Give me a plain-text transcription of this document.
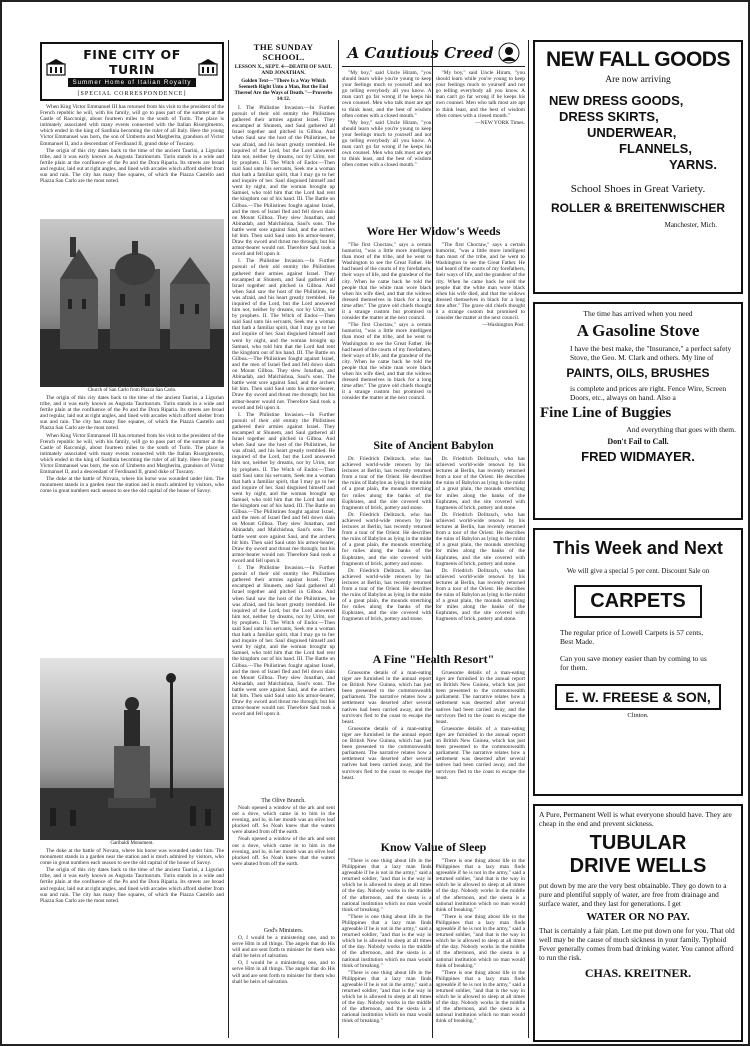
FINE CITY OF TURIN
Summer Home of Italian Royalty
[SPECIAL CORRESPONDENCE]

When King Victor Emmanuel III has returned from his visit to the president of the French republic he will, with his family, will go to pass part of the summer at the Castle of Racconigi, about fourteen miles to the south of Turin. The place is intimately associated with many events connected with the Italian Risorgimento, which ended in the king of Sardinia becoming the ruler of all Italy. Here the young Victor Emmanuel was born, the son of Umberto and Margherita, grandson of Victor Emmanuel II, and a descendant of Ferdinand II, grand duke of Tuscany.

The origin of this city dates back to the time of the ancient Taurini, a Ligurian tribe, and it was early known as Augusta Taurinorum. Turin stands in a wide and fertile plain at the confluence of the Po and the Dora Riparia. Its streets are broad and regular, laid out at right angles, and lined with arcades which afford shelter from sun and rain. The city has many fine squares, of which the Piazza Castello and Piazza San Carlo are the most noted.

Church of San Carlo from Piazza San Carlo.

The origin of this city dates back to the time of the ancient Taurini, a Ligurian tribe, and it was early known as Augusta Taurinorum. Turin stands in a wide and fertile plain at the confluence of the Po and the Dora Riparia. Its streets are broad and regular, laid out at right angles, and lined with arcades which afford shelter from sun and rain. The city has many fine squares, of which the Piazza Castello and Piazza San Carlo are the most noted.

When King Victor Emmanuel III has returned from his visit to the president of the French republic he will, with his family, will go to pass part of the summer at the Castle of Racconigi, about fourteen miles to the south of Turin. The place is intimately associated with many events connected with the Italian Risorgimento, which ended in the king of Sardinia becoming the ruler of all Italy. Here the young Victor Emmanuel was born, the son of Umberto and Margherita, grandson of Victor Emmanuel II, and a descendant of Ferdinand II, grand duke of Tuscany.

The duke at the battle of Novara, where his horse was wounded under him. The monument stands in a garden near the station and is much admired by visitors, who come in great numbers each season to see the old capital of the house of Savoy.

Garibaldi Monument.

The duke at the battle of Novara, where his horse was wounded under him. The monument stands in a garden near the station and is much admired by visitors, who come in great numbers each season to see the old capital of the house of Savoy.

The origin of this city dates back to the time of the ancient Taurini, a Ligurian tribe, and it was early known as Augusta Taurinorum. Turin stands in a wide and fertile plain at the confluence of the Po and the Dora Riparia. Its streets are broad and regular, laid out at right angles, and lined with arcades which afford shelter from sun and rain. The city has many fine squares, of which the Piazza Castello and Piazza San Carlo are the most noted.

THE SUNDAY SCHOOL.
LESSON X., SEPT. 4—DEATH OF SAUL AND JONATHAN.
Golden Text—"There Is a Way Which Seemeth Right Unto a Man, But the End Thereof Are the Ways of Death."—Proverbs 14:12.

I. The Philistine Invasion.—In Further pursuit of their old enmity the Philistines gathered their armies against Israel. They encamped at Shunem, and Saul gathered all Israel together and pitched in Gilboa. And when Saul saw the host of the Philistines, he was afraid, and his heart greatly trembled. He inquired of the Lord, but the Lord answered him not, neither by dreams, nor by Urim, nor by prophets. II. The Witch of Endor.—Then said Saul unto his servants, Seek me a woman that hath a familiar spirit, that I may go to her and inquire of her. Saul disguised himself and went by night, and the woman brought up Samuel, who told him that the Lord had rent the kingdom out of his hand. III. The Battle on Gilboa.—The Philistines fought against Israel, and the men of Israel fled and fell down slain on Mount Gilboa. They slew Jonathan, and Abinadab, and Malchishua, Saul's sons. The battle went sore against Saul, and the archers hit him. Then said Saul unto his armor-bearer, Draw thy sword and thrust me through; but his armor-bearer would not. Therefore Saul took a sword and fell upon it.

I. The Philistine Invasion.—In Further pursuit of their old enmity the Philistines gathered their armies against Israel. They encamped at Shunem, and Saul gathered all Israel together and pitched in Gilboa. And when Saul saw the host of the Philistines, he was afraid, and his heart greatly trembled. He inquired of the Lord, but the Lord answered him not, neither by dreams, nor by Urim, nor by prophets. II. The Witch of Endor.—Then said Saul unto his servants, Seek me a woman that hath a familiar spirit, that I may go to her and inquire of her. Saul disguised himself and went by night, and the woman brought up Samuel, who told him that the Lord had rent the kingdom out of his hand. III. The Battle on Gilboa.—The Philistines fought against Israel, and the men of Israel fled and fell down slain on Mount Gilboa. They slew Jonathan, and Abinadab, and Malchishua, Saul's sons. The battle went sore against Saul, and the archers hit him. Then said Saul unto his armor-bearer, Draw thy sword and thrust me through; but his armor-bearer would not. Therefore Saul took a sword and fell upon it.

I. The Philistine Invasion.—In Further pursuit of their old enmity the Philistines gathered their armies against Israel. They encamped at Shunem, and Saul gathered all Israel together and pitched in Gilboa. And when Saul saw the host of the Philistines, he was afraid, and his heart greatly trembled. He inquired of the Lord, but the Lord answered him not, neither by dreams, nor by Urim, nor by prophets. II. The Witch of Endor.—Then said Saul unto his servants, Seek me a woman that hath a familiar spirit, that I may go to her and inquire of her. Saul disguised himself and went by night, and the woman brought up Samuel, who told him that the Lord had rent the kingdom out of his hand. III. The Battle on Gilboa.—The Philistines fought against Israel, and the men of Israel fled and fell down slain on Mount Gilboa. They slew Jonathan, and Abinadab, and Malchishua, Saul's sons. The battle went sore against Saul, and the archers hit him. Then said Saul unto his armor-bearer, Draw thy sword and thrust me through; but his armor-bearer would not. Therefore Saul took a sword and fell upon it.

I. The Philistine Invasion.—In Further pursuit of their old enmity the Philistines gathered their armies against Israel. They encamped at Shunem, and Saul gathered all Israel together and pitched in Gilboa. And when Saul saw the host of the Philistines, he was afraid, and his heart greatly trembled. He inquired of the Lord, but the Lord answered him not, neither by dreams, nor by Urim, nor by prophets. II. The Witch of Endor.—Then said Saul unto his servants, Seek me a woman that hath a familiar spirit, that I may go to her and inquire of her. Saul disguised himself and went by night, and the woman brought up Samuel, who told him that the Lord had rent the kingdom out of his hand. III. The Battle on Gilboa.—The Philistines fought against Israel, and the men of Israel fled and fell down slain on Mount Gilboa. They slew Jonathan, and Abinadab, and Malchishua, Saul's sons. The battle went sore against Saul, and the archers hit him. Then said Saul unto his armor-bearer, Draw thy sword and thrust me through; but his armor-bearer would not. Therefore Saul took a sword and fell upon it.

The Olive Branch.

Noah opened a window of the ark and sent out a dove, which came in to him in the evening, and lo, in her mouth was an olive leaf plucked off. So Noah knew that the waters were abated from off the earth.

Noah opened a window of the ark and sent out a dove, which came in to him in the evening, and lo, in her mouth was an olive leaf plucked off. So Noah knew that the waters were abated from off the earth.

God's Ministers.

O, I would be a ministering one, and to serve Him in all things. The angels that do His will and are sent forth to minister for them who shall be heirs of salvation.

O, I would be a ministering one, and to serve Him in all things. The angels that do His will and are sent forth to minister for them who shall be heirs of salvation.

A Cautious Creed

"My boy," said Uncle Hiram, "you should learn while you're young to keep your feelings much to yourself and not go telling everybody all you know. A man can't go far wrong if he keeps his own counsel. Men who talk most are apt to think least, and the best of wisdom often comes with a closed mouth."

"My boy," said Uncle Hiram, "you should learn while you're young to keep your feelings much to yourself and not go telling everybody all you know. A man can't go far wrong if he keeps his own counsel. Men who talk most are apt to think least, and the best of wisdom often comes with a closed mouth."

"My boy," said Uncle Hiram, "you should learn while you're young to keep your feelings much to yourself and not go telling everybody all you know. A man can't go far wrong if he keeps his own counsel. Men who talk most are apt to think least, and the best of wisdom often comes with a closed mouth."

—NEW YORK Times.
Wore Her Widow's Weeds

"The first Choctaw," says a certain humorist, "was a little more intelligent than most of the tribe, and he went to Washington to see the Great Father. He had heard of the courts of my forefathers, their ways of life, and the grandeur of the city. When he came back he told the people that the white man wore black when his wife died, and that the widows dressed themselves in black for a long time after." The grave old chiefs thought it a strange custom but promised to consider the matter at the next council.

"The first Choctaw," says a certain humorist, "was a little more intelligent than most of the tribe, and he went to Washington to see the Great Father. He had heard of the courts of my forefathers, their ways of life, and the grandeur of the city. When he came back he told the people that the white man wore black when his wife died, and that the widows dressed themselves in black for a long time after." The grave old chiefs thought it a strange custom but promised to consider the matter at the next council.

"The first Choctaw," says a certain humorist, "was a little more intelligent than most of the tribe, and he went to Washington to see the Great Father. He had heard of the courts of my forefathers, their ways of life, and the grandeur of the city. When he came back he told the people that the white man wore black when his wife died, and that the widows dressed themselves in black for a long time after." The grave old chiefs thought it a strange custom but promised to consider the matter at the next council.

—Washington Post.
Site of Ancient Babylon

Dr. Friedrich Delitzsch, who has achieved world-wide renown by his lectures at Berlin, has recently returned from a tour of the Orient. He describes the ruins of Babylon as lying in the midst of a great plain, the mounds stretching for miles along the banks of the Euphrates, and the site covered with fragments of brick, pottery and stone.

Dr. Friedrich Delitzsch, who has achieved world-wide renown by his lectures at Berlin, has recently returned from a tour of the Orient. He describes the ruins of Babylon as lying in the midst of a great plain, the mounds stretching for miles along the banks of the Euphrates, and the site covered with fragments of brick, pottery and stone.

Dr. Friedrich Delitzsch, who has achieved world-wide renown by his lectures at Berlin, has recently returned from a tour of the Orient. He describes the ruins of Babylon as lying in the midst of a great plain, the mounds stretching for miles along the banks of the Euphrates, and the site covered with fragments of brick, pottery and stone.

Dr. Friedrich Delitzsch, who has achieved world-wide renown by his lectures at Berlin, has recently returned from a tour of the Orient. He describes the ruins of Babylon as lying in the midst of a great plain, the mounds stretching for miles along the banks of the Euphrates, and the site covered with fragments of brick, pottery and stone.

Dr. Friedrich Delitzsch, who has achieved world-wide renown by his lectures at Berlin, has recently returned from a tour of the Orient. He describes the ruins of Babylon as lying in the midst of a great plain, the mounds stretching for miles along the banks of the Euphrates, and the site covered with fragments of brick, pottery and stone.

Dr. Friedrich Delitzsch, who has achieved world-wide renown by his lectures at Berlin, has recently returned from a tour of the Orient. He describes the ruins of Babylon as lying in the midst of a great plain, the mounds stretching for miles along the banks of the Euphrates, and the site covered with fragments of brick, pottery and stone.

A Fine "Health Resort"

Gruesome details of a man-eating tiger are furnished in the annual report on British New Guinea, which has just been presented to the commonwealth parliament. The narrative relates how a settlement was deserted after several natives had been carried away, and the survivors fled to the coast to escape the beast.

Gruesome details of a man-eating tiger are furnished in the annual report on British New Guinea, which has just been presented to the commonwealth parliament. The narrative relates how a settlement was deserted after several natives had been carried away, and the survivors fled to the coast to escape the beast.

Gruesome details of a man-eating tiger are furnished in the annual report on British New Guinea, which has just been presented to the commonwealth parliament. The narrative relates how a settlement was deserted after several natives had been carried away, and the survivors fled to the coast to escape the beast.

Gruesome details of a man-eating tiger are furnished in the annual report on British New Guinea, which has just been presented to the commonwealth parliament. The narrative relates how a settlement was deserted after several natives had been carried away, and the survivors fled to the coast to escape the beast.

Know Value of Sleep

"There is one thing about life in the Philippines that a lazy man finds agreeable if he is not in the army," said a returned soldier, "and that is the way in which he is allowed to sleep at all times of the day. Nobody works in the middle of the afternoon, and the siesta is a national institution which no man would think of breaking."

"There is one thing about life in the Philippines that a lazy man finds agreeable if he is not in the army," said a returned soldier, "and that is the way in which he is allowed to sleep at all times of the day. Nobody works in the middle of the afternoon, and the siesta is a national institution which no man would think of breaking."

"There is one thing about life in the Philippines that a lazy man finds agreeable if he is not in the army," said a returned soldier, "and that is the way in which he is allowed to sleep at all times of the day. Nobody works in the middle of the afternoon, and the siesta is a national institution which no man would think of breaking."

"There is one thing about life in the Philippines that a lazy man finds agreeable if he is not in the army," said a returned soldier, "and that is the way in which he is allowed to sleep at all times of the day. Nobody works in the middle of the afternoon, and the siesta is a national institution which no man would think of breaking."

"There is one thing about life in the Philippines that a lazy man finds agreeable if he is not in the army," said a returned soldier, "and that is the way in which he is allowed to sleep at all times of the day. Nobody works in the middle of the afternoon, and the siesta is a national institution which no man would think of breaking."

"There is one thing about life in the Philippines that a lazy man finds agreeable if he is not in the army," said a returned soldier, "and that is the way in which he is allowed to sleep at all times of the day. Nobody works in the middle of the afternoon, and the siesta is a national institution which no man would think of breaking."

NEW FALL GOODS
Are now arriving
NEW DRESS GOODS,
DRESS SKIRTS,
UNDERWEAR,
FLANNELS,
YARNS.
School Shoes in Great Variety.
ROLLER & BREITENWISCHER
Manchester, Mich.
The time has arrived when you need
A Gasoline Stove
I have the best make, the "Insurance," a perfect safety Stove, the Geo. M. Clark and others. My line of
PAINTS, OILS, BRUSHES
is complete and prices are right. Fence Wire, Screen Doors, etc., always on hand. Also a
Fine Line of Buggies
And everything that goes with them.
Don't Fail to Call.
FRED WIDMAYER.
This Week and Next
We will give a special 5 per cent. Discount Sale on
CARPETS
The regular price of Lowell Carpets is 57 cents, Best Made.
Can you save money easier than by coming to us for them.
E. W. FREESE & SON,
Clinton.
A Pure, Permanent Well is what everyone should have. They are cheap in the end and prevent sickness.
TUBULAR
DRIVE WELLS
put down by me are the very best obtainable. They go down to a pure and plentiful supply of water, are free from drainage and surface water, and they last for generations. I get
WATER OR NO PAY.
That is certainly a fair plan. Let me put down one for you. That old well may be the cause of much sickness in your family. Typhoid Fever generally comes from bad drinking water. You cannot afford to run the risk.
CHAS. KREITNER.
